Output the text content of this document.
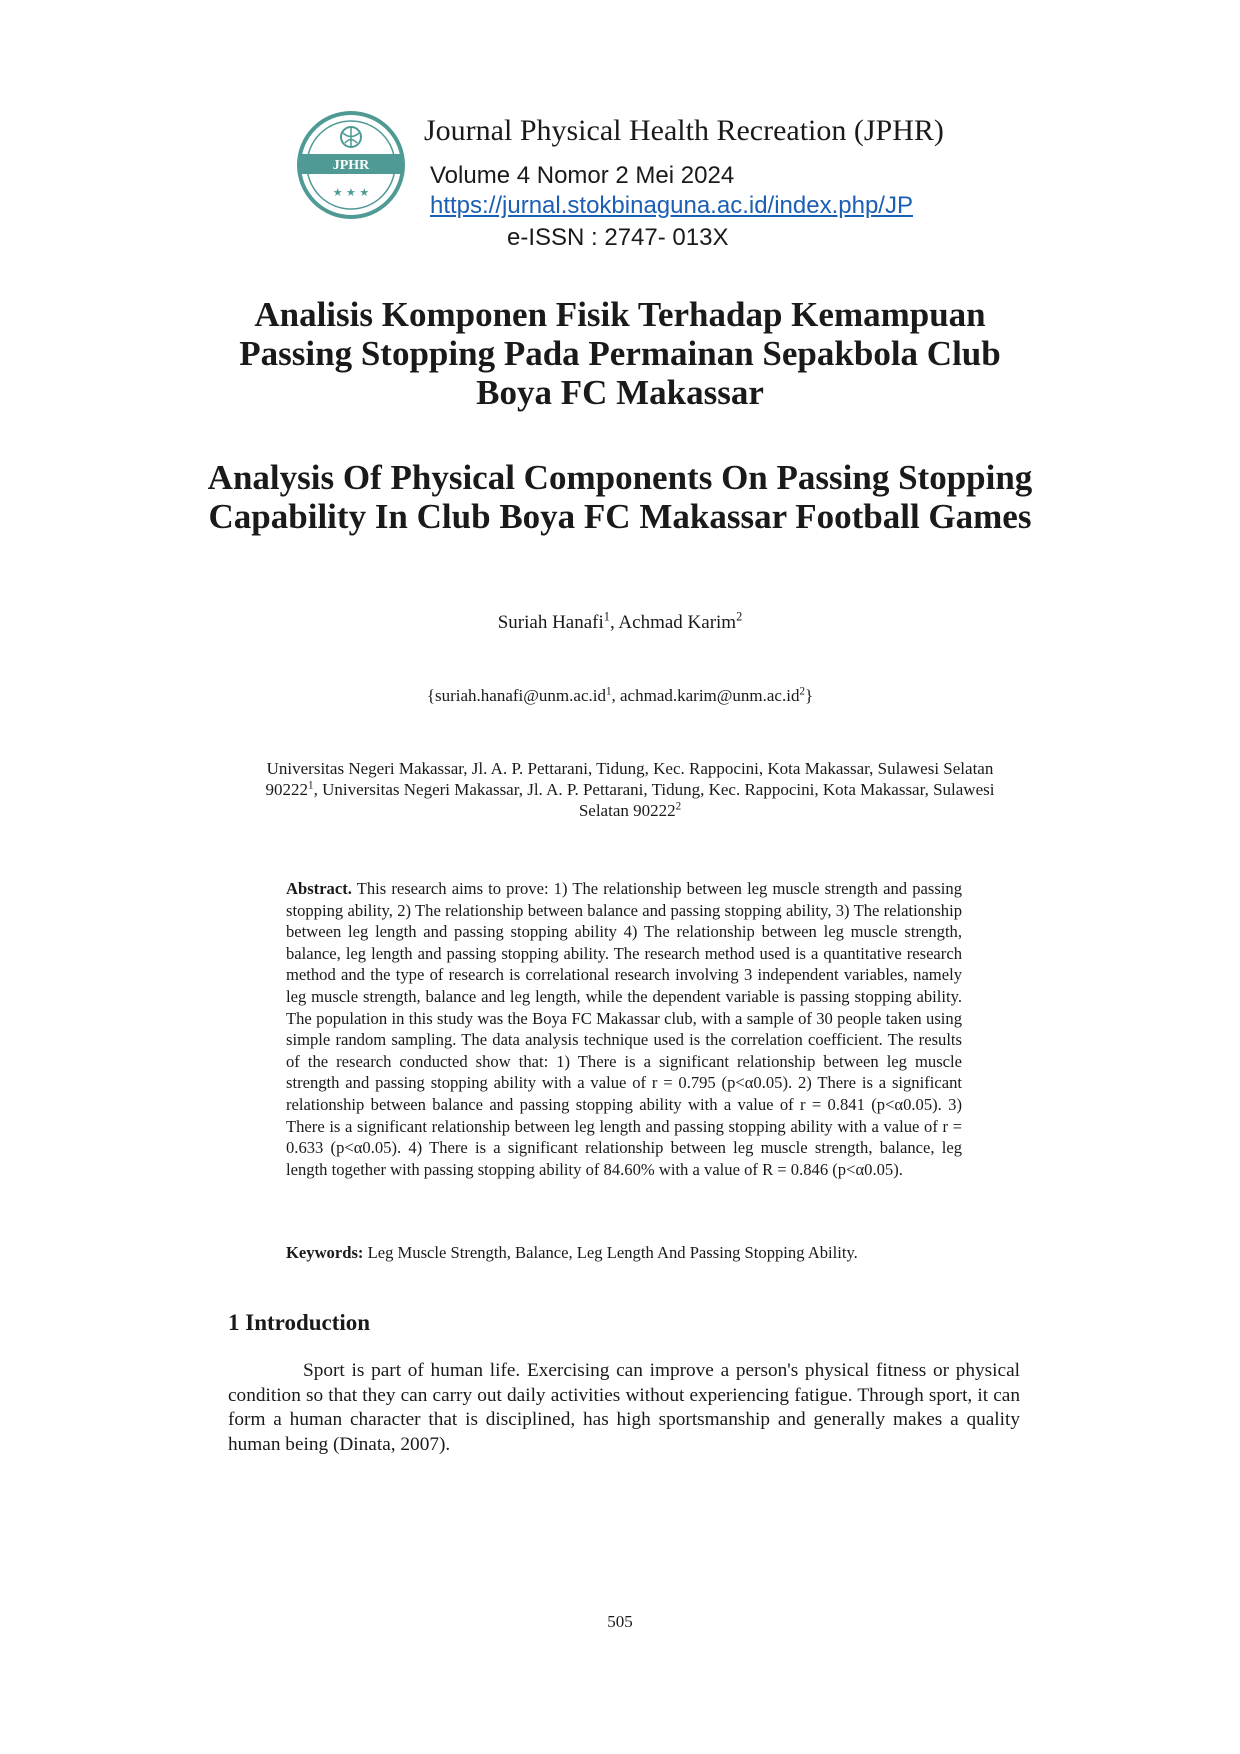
JPHR
★ ★ ★
Journal Physical Health Recreation (JPHR)
Volume 4 Nomor 2 Mei 2024
https://jurnal.stokbinaguna.ac.id/index.php/JP
e-ISSN : 2747- 013X
Analisis Komponen Fisik Terhadap Kemampuan
Passing Stopping Pada Permainan Sepakbola Club
Boya FC Makassar
Analysis Of Physical Components On Passing Stopping
Capability In Club Boya FC Makassar Football Games
Suriah Hanafi$^1$, Achmad Karim$^2$
{$suriah.hanafi@unm.ac.id^1$, $achmad.karim@unm.ac.id^2$}
Universitas Negeri Makassar, Jl. A. P. Pettarani, Tidung, Kec. Rappocini, Kota Makassar, Sulawesi Selatan 90222$^1$, Universitas Negeri Makassar, Jl. A. P. Pettarani, Tidung, Kec. Rappocini, Kota Makassar, Sulawesi Selatan 90222$^2$
Abstract. This research aims to prove: 1) The relationship between leg muscle strength and passing stopping ability, 2) The relationship between balance and passing stopping ability, 3) The relationship between leg length and passing stopping ability 4) The relationship between leg muscle strength, balance, leg length and passing stopping ability. The research method used is a quantitative research method and the type of research is correlational research involving 3 independent variables, namely leg muscle strength, balance and leg length, while the dependent variable is passing stopping ability. The population in this study was the Boya FC Makassar club, with a sample of 30 people taken using simple random sampling. The data analysis technique used is the correlation coefficient. The results of the research conducted show that: 1) There is a significant relationship between leg muscle strength and passing stopping ability with a value of r = 0.795 (p<α0.05). 2) There is a significant relationship between balance and passing stopping ability with a value of r = 0.841 (p<α0.05). 3) There is a significant relationship between leg length and passing stopping ability with a value of r = 0.633 (p<α0.05). 4) There is a significant relationship between leg muscle strength, balance, leg length together with passing stopping ability of 84.60% with a value of R = 0.846 (p<α0.05).
Keywords: Leg Muscle Strength, Balance, Leg Length And Passing Stopping Ability.
1 Introduction
Sport is part of human life. Exercising can improve a person's physical fitness or physical condition so that they can carry out daily activities without experiencing fatigue. Through sport, it can form a human character that is disciplined, has high sportsmanship and generally makes a quality human being (Dinata, 2007).
505
